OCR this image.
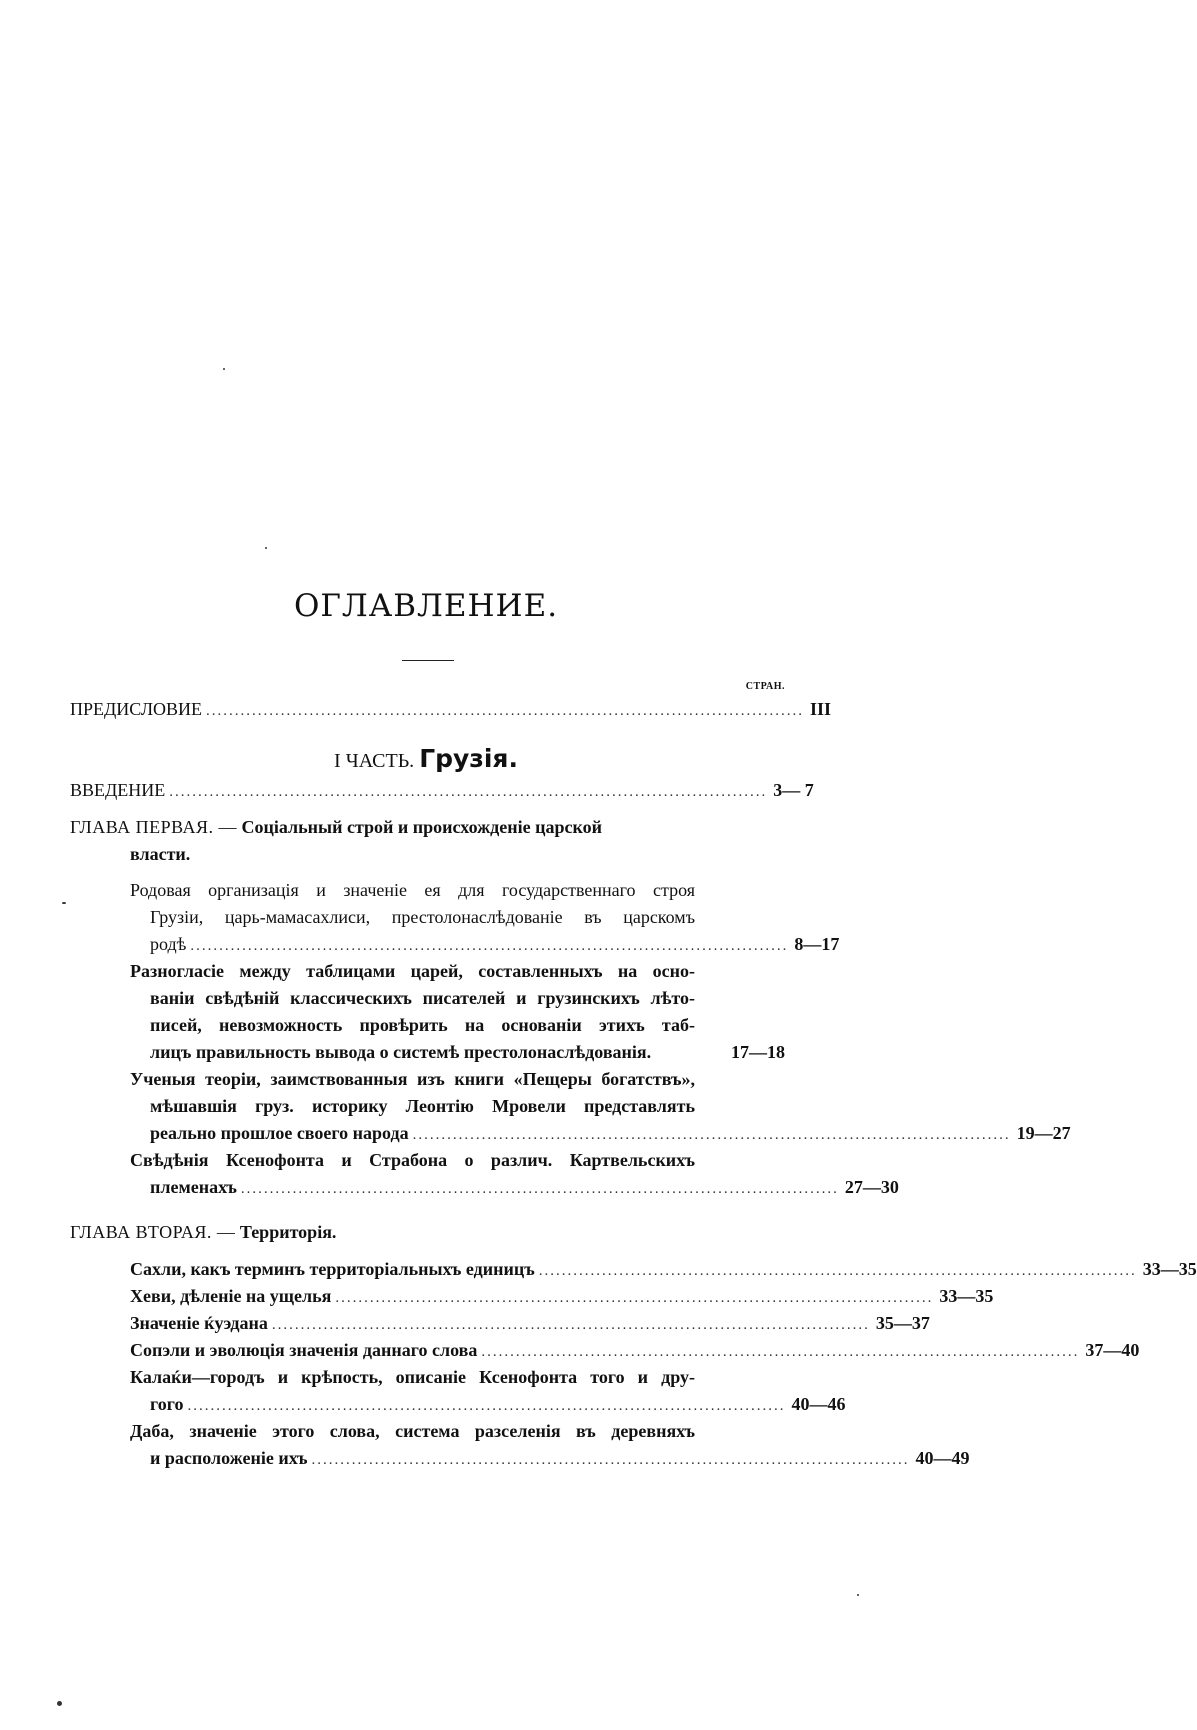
ОГЛАВЛЕНИЕ.
СТРАН.
ПРЕДИСЛОВИЕ ........................................................................................................ III
I ЧАСТЬ. Грузія.
ВВЕДЕНИЕ ........................................................................................................ 3— 7
ГЛАВА ПЕРВАЯ. — Соціальный строй и происхожденіе царской
власти.
Родовая организація и значеніе ея для государственнаго строя
Грузіи, царь-мамасахлиси, престолонаслѣдованіе въ царскомъ
родѣ ........................................................................................................ 8—17
Разногласіе между таблицами царей, составленныхъ на осно-
ваніи свѣдѣній классическихъ писателей и грузинскихъ лѣто-
писей, невозможность провѣрить на основаніи этихъ таб-
лицъ правильность вывода о системѣ престолонаслѣдованія.	17—18
Ученыя теоріи, заимствованныя изъ книги «Пещеры богатствъ»,
мѣшавшія груз. историку Леонтію Мровели представлять
реально прошлое своего народа ........................................................................................................ 19—27
Свѣдѣнія Ксенофонта и Страбона о различ. Картвельскихъ
племенахъ ........................................................................................................ 27—30
ГЛАВА ВТОРАЯ. — Территорія.
Сахли, какъ терминъ территоріальныхъ единицъ ........................................................................................................ 33—35
Хеви, дѣленіе на ущелья ........................................................................................................ 33—35
Значеніе ќуэдана ........................................................................................................ 35—37
Сопэли и эволюція значенія даннаго слова ........................................................................................................ 37—40
Калаќи—городъ и крѣпость, описаніе Ксенофонта того и дру-
гого ........................................................................................................ 40—46
Даба, значеніе этого слова, система разселенія въ деревняхъ
и расположеніе ихъ ........................................................................................................ 40—49
